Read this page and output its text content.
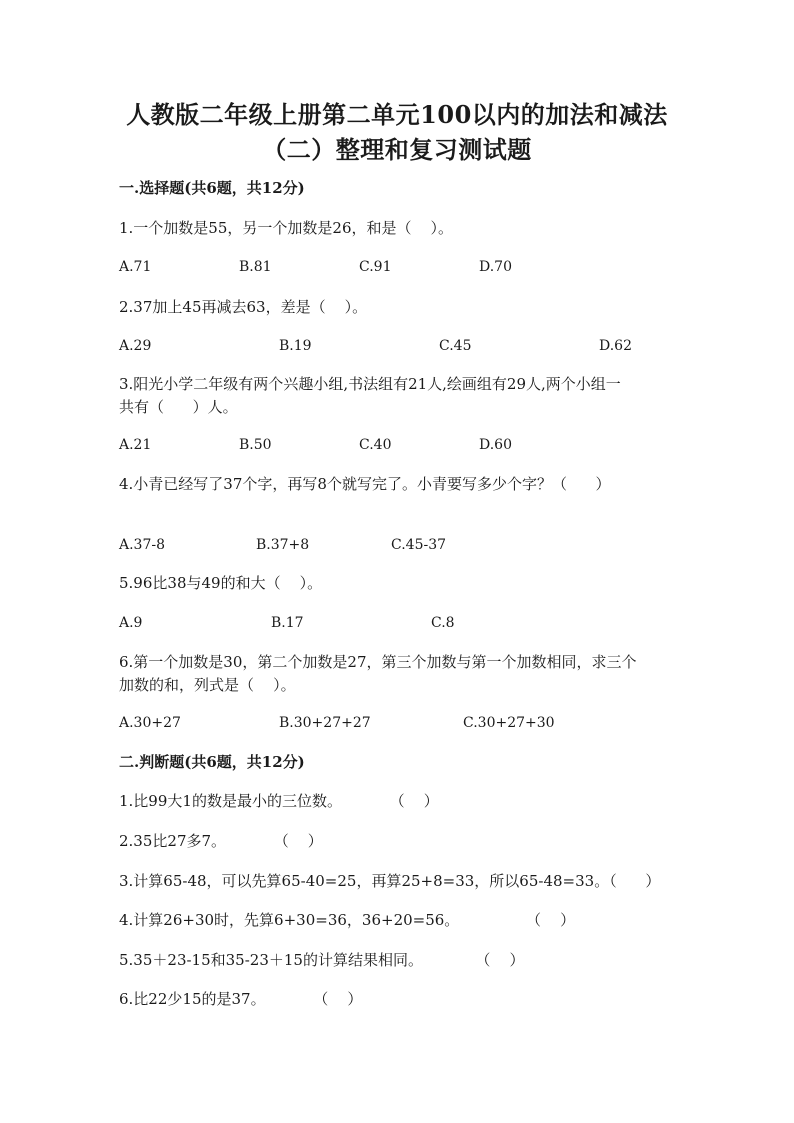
人教版二年级上册第二单元100以内的加法和减法
（二）整理和复习测试题
一.选择题(共6题，共12分)
1.一个加数是55，另一个加数是26，和是（    ）。
A.71	B.81	C.91	D.70
2.37加上45再减去63，差是（    ）。
A.29	B.19	C.45	D.62
3.阳光小学二年级有两个兴趣小组,书法组有21人,绘画组有29人,两个小组一
共有（      ）人。
A.21	B.50	C.40	D.60
4.小青已经写了37个字，再写8个就写完了。小青要写多少个字？（      ）
A.37-8	B.37+8	C.45-37
5.96比38与49的和大（    ）。
A.9	B.17	C.8
6.第一个加数是30，第二个加数是27，第三个加数与第一个加数相同，求三个
加数的和，列式是（    ）。
A.30+27	B.30+27+27	C.30+27+30
二.判断题(共6题，共12分)
1.比99大1的数是最小的三位数。          （    ）
2.35比27多7。          （    ）
3.计算65-48，可以先算65-40=25，再算25+8=33，所以65-48=33。（      ）
4.计算26+30时，先算6+30=36，36+20=56。              （    ）
5.35＋23-15和35-23＋15的计算结果相同。           （    ）
6.比22少15的是37。          （    ）
